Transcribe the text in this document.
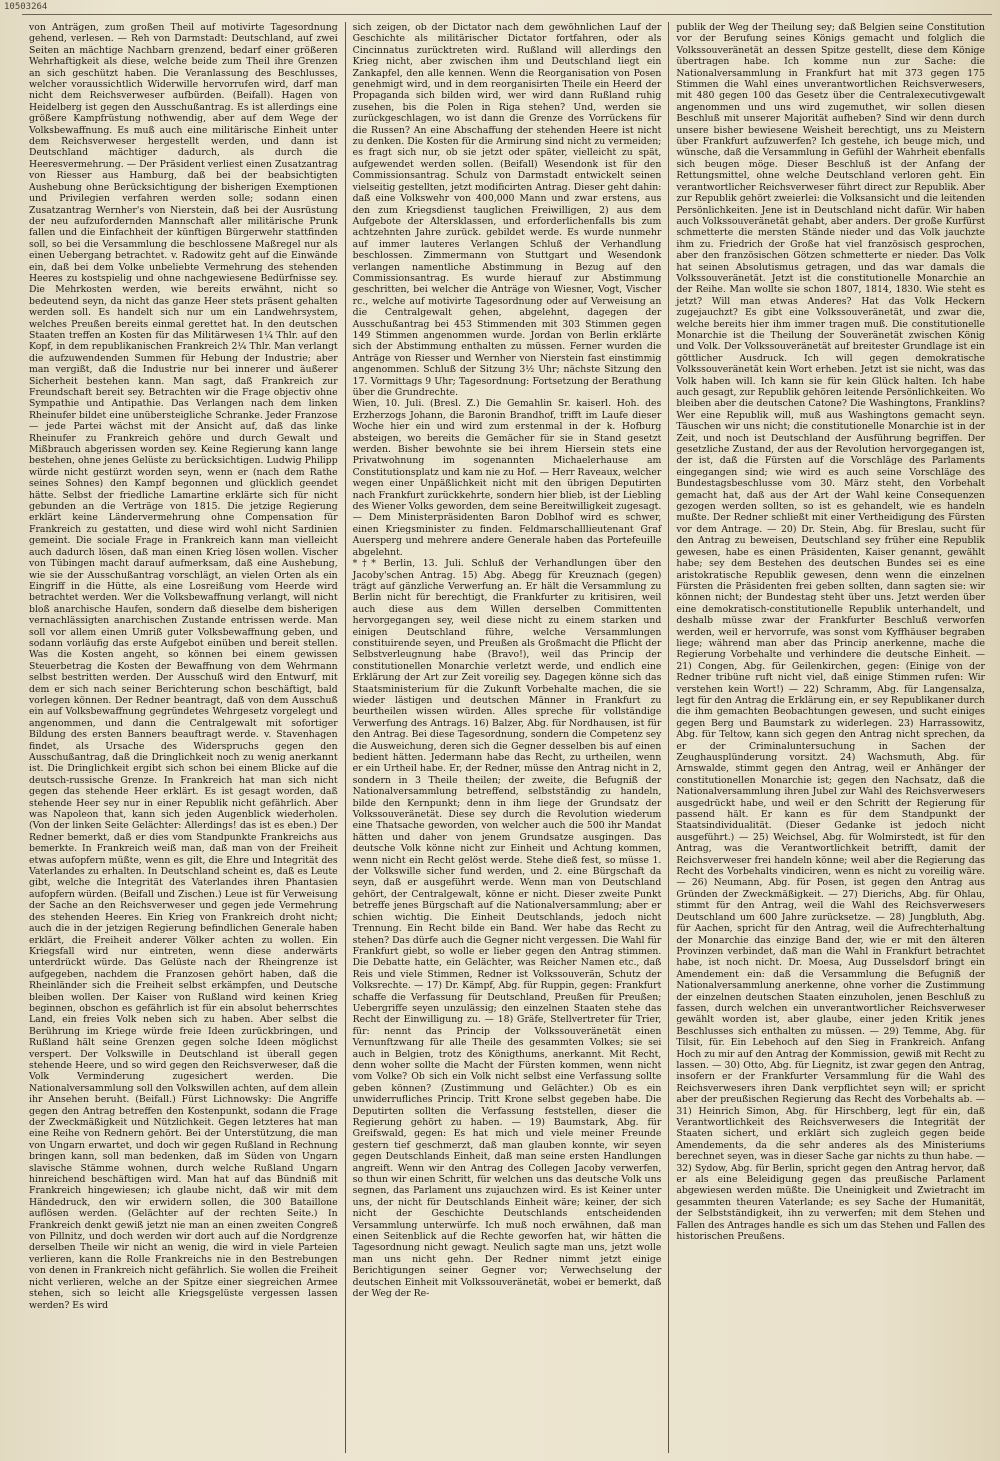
10503264

von Anträgen, zum großen Theil auf motivirte Tagesordnung gehend, verlesen. — Reh von Darmstadt: Deutschland, auf zwei Seiten an mächtige Nachbarn grenzend, bedarf einer größeren Wehrhaftigkeit als diese, welche beide zum Theil ihre Grenzen an sich geschützt haben. Die Veranlassung des Beschlusses, welcher voraussichtlich Widerwille hervorrufen wird, darf man nicht dem Reichsverweser aufbürden. (Beifall). Hagen von Heidelberg ist gegen den Ausschußantrag. Es ist allerdings eine größere Kampfrüstung nothwendig, aber auf dem Wege der Volksbewaffnung. Es muß auch eine militärische Einheit unter dem Reichsverweser hergestellt werden, und dann ist Deutschland mächtiger dadurch, als durch die Heeresvermehrung. — Der Präsident verliest einen Zusatzantrag von Riesser aus Hamburg, daß bei der beabsichtigten Aushebung ohne Berücksichtigung der bisherigen Exemptionen und Privilegien verfahren werden solle; sodann einen Zusatzantrag Wernher's von Nierstein, daß bei der Ausrüstung der neu aufzufordernden Mannschaft aller militärische Prunk fallen und die Einfachheit der künftigen Bürgerwehr stattfinden soll, so bei die Versammlung die beschlossene Maßregel nur als einen Uebergang betrachtet. v. Radowitz geht auf die Einwände ein, daß bei dem Volke unbeliebte Vermehrung des stehenden Heeres zu kostspielig und ohne nachgewiesene Bedürfnisse sey. Die Mehrkosten werden, wie bereits erwähnt, nicht so bedeutend seyn, da nicht das ganze Heer stets präsent gehalten werden soll. Es handelt sich nur um ein Landwehrsystem, welches Preußen bereits einmal gerettet hat. In den deutschen Staaten treffen an Kosten für das Militärwesen 1¼ Thlr. auf den Kopf, in dem republikanischen Frankreich 2¼ Thlr. Man verlangt die aufzuwendenden Summen für Hebung der Industrie; aber man vergißt, daß die Industrie nur bei innerer und äußerer Sicherheit bestehen kann. Man sagt, daß Frankreich zur Freundschaft bereit sey. Betrachten wir die Frage objectiv ohne Sympathie und Antipathie. Das Verlangen nach dem linken Rheinufer bildet eine unübersteigliche Schranke. Jeder Franzose — jede Partei wächst mit der Ansicht auf, daß das linke Rheinufer zu Frankreich gehöre und durch Gewalt und Mißbrauch abgerissen worden sey. Keine Regierung kann lange bestehen, ohne jenes Gelüste zu berücksichtigen. Ludwig Philipp würde nicht gestürzt worden seyn, wenn er (nach dem Rathe seines Sohnes) den Kampf begonnen und glücklich geendet hätte. Selbst der friedliche Lamartine erklärte sich für nicht gebunden an die Verträge von 1815. Die jetzige Regierung erklärt keine Ländervermehrung ohne Compensation für Frankreich zu gestatten, und diese wird wohl nicht Sardinien gemeint. Die sociale Frage in Frankreich kann man vielleicht auch dadurch lösen, daß man einen Krieg lösen wollen. Vischer von Tübingen macht darauf aufmerksam, daß eine Aushebung, wie sie der Ausschußantrag vorschlägt, an vielen Orten als ein Eingriff in die Hütte, als eine Losreißung vom Heerde wird betrachtet werden. Wer die Volksbewaffnung verlangt, will nicht bloß anarchische Haufen, sondern daß dieselbe dem bisherigen vernachlässigten anarchischen Zustande entrissen werde. Man soll vor allem einen Umriß guter Volksbewaffnung geben, und sodann vorläufig das erste Aufgebot einüben und bereit stellen. Was die Kosten angeht, so können bei einem gewissen Steuerbetrag die Kosten der Bewaffnung von dem Wehrmann selbst bestritten werden. Der Ausschuß wird den Entwurf, mit dem er sich nach seiner Berichterung schon beschäftigt, bald vorlegen können. Der Redner beantragt, daß von dem Ausschuß ein auf Volksbewaffnung gegründetes Wehrgesetz vorgelegt und angenommen, und dann die Centralgewalt mit sofortiger Bildung des ersten Banners beauftragt werde. v. Stavenhagen findet, als Ursache des Widerspruchs gegen den Ausschußantrag, daß die Dringlichkeit noch zu wenig anerkannt ist. Die Dringlichkeit ergibt sich schon bei einem Blicke auf die deutsch-russische Grenze. In Frankreich hat man sich nicht gegen das stehende Heer erklärt. Es ist gesagt worden, daß stehende Heer sey nur in einer Republik nicht gefährlich. Aber was Napoleon that, kann sich jeden Augenblick wiederholen. (Von der linken Seite Gelächter: Allerdings! das ist es eben.) Der Redner bemerkt, daß er dies vom Standpunkte Frankreichs aus bemerkte. In Frankreich weiß man, daß man von der Freiheit etwas aufopfern müßte, wenn es gilt, die Ehre und Integrität des Vaterlandes zu erhalten. In Deutschland scheint es, daß es Leute gibt, welche die Integrität des Vaterlandes ihren Phantasien aufopfern würden. (Beifall und Zischen.) Leue ist für Verweisung der Sache an den Reichsverweser und gegen jede Vermehrung des stehenden Heeres. Ein Krieg von Frankreich droht nicht; auch die in der jetzigen Regierung befindlichen Generale haben erklärt, die Freiheit anderer Völker achten zu wollen. Ein Kriegsfall wird nur eintreten, wenn diese anderwärts unterdrückt würde. Das Gelüste nach der Rheingrenze ist aufgegeben, nachdem die Franzosen gehört haben, daß die Rheinländer sich die Freiheit selbst erkämpfen, und Deutsche bleiben wollen. Der Kaiser von Rußland wird keinen Krieg beginnen, obschon es gefährlich ist für ein absolut beherrschtes Land, ein freies Volk neben sich zu haben. Aber selbst die Berührung im Kriege würde freie Ideen zurückbringen, und Rußland hält seine Grenzen gegen solche Ideen möglichst verspert. Der Volkswille in Deutschland ist überall gegen stehende Heere, und so wird gegen den Reichsverweser, daß die Volk Verminderung zugesichert werden. Die Nationalversammlung soll den Volkswillen achten, auf dem allein ihr Ansehen beruht. (Beifall.) Fürst Lichnowsky: Die Angriffe gegen den Antrag betreffen den Kostenpunkt, sodann die Frage der Zweckmäßigkeit und Nützlichkeit. Gegen letzteres hat man eine Reihe von Rednern gehört. Bei der Unterstützung, die man von Ungarn erwartet, und doch wir gegen Rußland in Rechnung bringen kann, soll man bedenken, daß im Süden von Ungarn slavische Stämme wohnen, durch welche Rußland Ungarn hinreichend beschäftigen wird. Man hat auf das Bündniß mit Frankreich hingewiesen; ich glaube nicht, daß wir mit dem Händedruck, den wir erwidern sollen, die 300 Bataillone auflösen werden. (Gelächter auf der rechten Seite.) In Frankreich denkt gewiß jetzt nie man an einen zweiten Congreß von Pillnitz, und doch werden wir dort auch auf die Nordgrenze derselben Theile wir nicht an wenig, die wird in viele Parteien verlieren, kann die Rolle Frankreichs nie in den Bestrebungen von denen in Frankreich nicht gefährlich. Sie wollen die Freiheit nicht verlieren, welche an der Spitze einer siegreichen Armee stehen, sich so leicht alle Kriegsgelüste vergessen lassen werden? Es wird

sich zeigen, ob der Dictator nach dem gewöhnlichen Lauf der Geschichte als militärischer Dictator fortfahren, oder als Cincinnatus zurücktreten wird. Rußland will allerdings den Krieg nicht, aber zwischen ihm und Deutschland liegt ein Zankapfel, den alle kennen. Wenn die Reorganisation von Posen genehmigt wird, und in dem reorganisirten Theile ein Heerd der Propaganda sich bilden wird, wer wird dann Rußland ruhig zusehen, bis die Polen in Riga stehen? Und, werden sie zurückgeschlagen, wo ist dann die Grenze des Vorrückens für die Russen? An eine Abschaffung der stehenden Heere ist nicht zu denken. Die Kosten für die Armirung sind nicht zu vermeiden; es fragt sich nur, ob sie jetzt oder später, vielleicht zu spät, aufgewendet werden sollen. (Beifall) Wesendonk ist für den Commissionsantrag. Schulz von Darmstadt entwickelt seinen vielseitig gestellten, jetzt modificirten Antrag. Dieser geht dahin: daß eine Volkswehr von 400,000 Mann und zwar erstens, aus den zum Kriegsdienst tauglichen Freiwilligen, 2) aus dem Aufgebote der Altersklassen, und erforderlichenfalls bis zum achtzehnten Jahre zurück. gebildet werde. Es wurde nunmehr auf immer lauteres Verlangen Schluß der Verhandlung beschlossen. Zimmermann von Stuttgart und Wesendonk verlangen namentliche Abstimmung in Bezug auf den Commissionsantrag. Es wurde hierauf zur Abstimmung geschritten, bei welcher die Anträge von Wiesner, Vogt, Vischer rc., welche auf motivirte Tagesordnung oder auf Verweisung an die Centralgewalt gehen, abgelehnt, dagegen der Ausschußantrag bei 453 Stimmenden mit 303 Stimmen gegen 149 Stimmen angenommen wurde. Jordan von Berlin erklärte sich der Abstimmung enthalten zu müssen. Ferner wurden die Anträge von Riesser und Wernher von Nierstein fast einstimmig angenommen. Schluß der Sitzung 3½ Uhr; nächste Sitzung den 17. Vormittags 9 Uhr; Tagesordnung: Fortsetzung der Berathung über die Grundrechte.

Wien, 10. Juli. (Bresl. Z.) Die Gemahlin Sr. kaiserl. Hoh. des Erzherzogs Johann, die Baronin Brandhof, trifft im Laufe dieser Woche hier ein und wird zum erstenmal in der k. Hofburg absteigen, wo bereits die Gemächer für sie in Stand gesetzt werden. Bisher bewohnte sie bei ihrem Hiersein stets eine Privatwohnung im sogenannten Michaelerhause am Constitutionsplatz und kam nie zu Hof. — Herr Raveaux, welcher wegen einer Unpäßlichkeit nicht mit den übrigen Deputirten nach Frankfurt zurückkehrte, sondern hier blieb, ist der Liebling des Wiener Volks geworden, dem seine Bereitwilligkeit zugesagt. — Dem Ministerpräsidenten Baron Doblhof wird es schwer, einen Kriegsminister zu finden. Feldmarschalllieutenant Graf Auersperg und mehrere andere Generale haben das Portefeuille abgelehnt.

*†* Berlin, 13. Juli. Schluß der Verhandlungen über den Jacoby'schen Antrag. 15) Abg. Abegg für Kreuznach (gegen) trägt auf gänzliche Verwerfung an. Er hält die Versammlung zu Berlin nicht für berechtigt, die Frankfurter zu kritisiren, weil auch diese aus dem Willen derselben Committenten hervorgegangen sey, weil diese nicht zu einem starken und einigen Deutschland führe, welche Versammlungen constituirende seyen, und Preußen als Großmacht die Pflicht der Selbstverleugnung habe (Bravo!), weil das Princip der constitutionellen Monarchie verletzt werde, und endlich eine Erklärung der Art zur Zeit voreilig sey. Dagegen könne sich das Staatsministerium für die Zukunft Vorbehalte machen, die sie wieder lästigen und deutschen Männer in Frankfurt zu beurtheilen wissen würden. Alles spreche für vollständige Verwerfung des Antrags. 16) Balzer, Abg. für Nordhausen, ist für den Antrag. Bei diese Tagesordnung, sondern die Competenz sey die Ausweichung, deren sich die Gegner desselben bis auf einen bedient hätten. Jedermann habe das Recht, zu urtheilen, wenn er ein Urtheil habe. Er, der Redner, müsse den Antrag nicht in 2, sondern in 3 Theile theilen; der zweite, die Befugniß der Nationalversammlung betreffend, selbstständig zu handeln, bilde den Kernpunkt; denn in ihm liege der Grundsatz der Volkssouveränetät. Diese sey durch die Revolution wiederum eine Thatsache geworden, von welcher auch die 500 ihr Mandat hätten und daher von jenem Grundsatze ausgingen. Das deutsche Volk könne nicht zur Einheit und Achtung kommen, wenn nicht ein Recht gelöst werde. Stehe dieß fest, so müsse 1. der Volkswille sicher fund werden, und 2. eine Bürgschaft da seyn, daß er ausgeführt werde. Wenn man von Deutschland gehört, der Centralgewalt, könne er nicht. Dieser zweite Punkt betreffe jenes Bürgschaft auf die Nationalversammlung; aber er schien wichtig. Die Einheit Deutschlands, jedoch nicht Trennung. Ein Recht bilde ein Band. Wer habe das Recht zu stehen? Das dürfe auch die Gegner nicht vergessen. Die Wahl für Frankfurt giebt, so wolle er lieber gegen den Antrag stimmen. Die Debatte hatte, ein Gelächter, was Reicher Namen etc., daß Reis und viele Stimmen, Redner ist Volkssouverän, Schutz der Volksrechte. — 17) Dr. Kämpf, Abg. für Ruppin, gegen: Frankfurt schaffe die Verfassung für Deutschland, Preußen für Preußen; Uebergriffe seyen unzulässig; den einzelnen Staaten stehe das Recht der Einwilligung zu. — 18) Gräfe, Stellvertreter für Trier, für: nennt das Princip der Volkssouveränetät einen Vernunftzwang für alle Theile des gesammten Volkes; sie sei auch in Belgien, trotz des Königthums, anerkannt. Mit Recht, denn woher sollte die Macht der Fürsten kommen, wenn nicht vom Volke? Ob sich ein Volk nicht selbst eine Verfassung sollte geben können? (Zustimmung und Gelächter.) Ob es ein unwiderrufliches Princip. Tritt Krone selbst gegeben habe. Die Deputirten sollten die Verfassung feststellen, dieser die Regierung gehört zu haben. — 19) Baumstark, Abg. für Greifswald, gegen: Es hat mich und viele meiner Freunde gestern tief geschmerzt, daß man glauben konnte, wir seyen gegen Deutschlands Einheit, daß man seine ersten Handlungen angreift. Wenn wir den Antrag des Collegen Jacoby verwerfen, so thun wir einen Schritt, für welchen uns das deutsche Volk uns segnen, das Parlament uns zujauchzen wird. Es ist Keiner unter uns, der nicht für Deutschlands Einheit wäre; keiner, der sich nicht der Geschichte Deutschlands entscheidenden Versammlung unterwürfe. Ich muß noch erwähnen, daß man einen Seitenblick auf die Rechte geworfen hat, wir hätten die Tagesordnung nicht gewagt. Neulich sagte man uns, jetzt wolle man uns nicht gehn. Der Redner nimmt jetzt einige Berichtigungen seiner Gegner vor; Verwechselung der deutschen Einheit mit Volkssouveränetät, wobei er bemerkt, daß der Weg der Re-

publik der Weg der Theilung sey; daß Belgien seine Constitution vor der Berufung seines Königs gemacht und folglich die Volkssouveränetät an dessen Spitze gestellt, diese dem Könige übertragen habe. Ich komme nun zur Sache: die Nationalversammlung in Frankfurt hat mit 373 gegen 175 Stimmen die Wahl eines unverantwortlichen Reichsverwesers, mit 480 gegen 100 das Gesetz über die Centralexecutivgewalt angenommen und uns wird zugemuthet, wir sollen diesen Beschluß mit unserer Majorität aufheben? Sind wir denn durch unsere bisher bewiesene Weisheit berechtigt, uns zu Meistern über Frankfurt aufzuwerfen? Ich gestehe, ich beuge mich, und wünsche, daß die Versammlung in Gefühl der Wahrheit ebenfalls sich beugen möge. Dieser Beschluß ist der Anfang der Rettungsmittel, ohne welche Deutschland verloren geht. Ein verantwortlicher Reichsverweser führt direct zur Republik. Aber zur Republik gehört zweierlei: die Volksansicht und die leitenden Persönlichkeiten. Jene ist in Deutschland nicht dafür. Wir haben auch Volkssouveränetät gehabt, aber anders. Der große Kurfürst schmetterte die mersten Stände nieder und das Volk jauchzte ihm zu. Friedrich der Große hat viel französisch gesprochen, aber den französischen Götzen schmetterte er nieder. Das Volk hat seinen Absolutismus getragen, und das war damals die Volkssouveränetät. Jetzt ist die constitutionelle Monarchie an der Reihe. Man wollte sie schon 1807, 1814, 1830. Wie steht es jetzt? Will man etwas Anderes? Hat das Volk Heckern zugejauchzt? Es gibt eine Volkssouveränetät, und zwar die, welche bereits hier ihm immer tragen muß. Die constitutionelle Monarchie ist die Theilung der Souveränetät zwischen König und Volk. Der Volkssouveränetät auf breitester Grundlage ist ein göttlicher Ausdruck. Ich will gegen demokratische Volkssouveränetät kein Wort erheben. Jetzt ist sie nicht, was das Volk haben will. Ich kann sie für kein Glück halten. Ich habe auch gesagt, zur Republik gehören leitende Persönlichkeiten. Wo bleiben aber die deutschen Catone? Die Washingtons, Franklins? Wer eine Republik will, muß aus Washingtons gemacht seyn. Täuschen wir uns nicht; die constitutionelle Monarchie ist in der Zeit, und noch ist Deutschland der Ausführung begriffen. Der gesetzliche Zustand, der aus der Revolution hervorgegangen ist, der ist, daß die Fürsten auf die Vorschläge des Parlaments eingegangen sind; wie wird es auch seine Vorschläge des Bundestagsbeschlusse vom 30. März steht, den Vorbehalt gemacht hat, daß aus der Art der Wahl keine Consequenzen gezogen werden sollten, so ist es gehandelt, wie es handeln mußte. Der Redner schließt mit einer Vertheidigung des Fürsten vor dem Antrage. — 20) Dr. Stein, Abg. für Breslau, sucht für den Antrag zu beweisen, Deutschland sey früher eine Republik gewesen, habe es einen Präsidenten, Kaiser genannt, gewählt habe; sey dem Bestehen des deutschen Bundes sei es eine aristokratische Republik gewesen, denn wenn die einzelnen Fürsten die Präsidenten frei geben sollten, dann sagten sie: wir können nicht; der Bundestag steht über uns. Jetzt werden über eine demokratisch-constitutionelle Republik unterhandelt, und deshalb müsse zwar der Frankfurter Beschluß verworfen werden, weil er hervorrufe, was sonst vom Kyffhäuser begraben liege; während man aber das Princip anerkenne, mache die Regierung Vorbehalte und verhindere die deutsche Einheit. — 21) Congen, Abg. für Geilenkirchen, gegen: (Einige von der Redner tribüne ruft nicht viel, daß einige Stimmen rufen: Wir verstehen kein Wort!) — 22) Schramm, Abg. für Langensalza, legt für den Antrag die Erklärung ein, er sey Republikaner durch die ihm gemachten Beobachtungen gewesen, und sucht einiges gegen Berg und Baumstark zu widerlegen. 23) Harrassowitz, Abg. für Teltow, kann sich gegen den Antrag nicht sprechen, da er der Criminaluntersuchung in Sachen der Zeughausplünderung vorsitzt. 24) Wachsmuth, Abg. für Arnswalde, stimmt gegen den Antrag, weil er Anhänger der constitutionellen Monarchie ist; gegen den Nachsatz, daß die Nationalversammlung ihren Jubel zur Wahl des Reichsverwesers ausgedrückt habe, und weil er den Schritt der Regierung für passend hält. Er kann es für dem Standpunkt der Staatsindividualität. (Dieser Gedanke ist jedoch nicht ausgeführt.) — 25) Weichsel, Abg. für Wolmirstedt, ist für den Antrag, was die Verantwortlichkeit betrifft, damit der Reichsverweser frei handeln könne; weil aber die Regierung das Recht des Vorbehalts vindiciren, wenn es nicht zu voreilig wäre. — 26) Neumann, Abg. für Posen, ist gegen den Antrag aus Gründen der Zweckmäßigkeit. — 27) Dierichs, Abg. für Ohlau, stimmt für den Antrag, weil die Wahl des Reichsverwesers Deutschland um 600 Jahre zurücksetze. — 28) Jungbluth, Abg. für Aachen, spricht für den Antrag, weil die Aufrechterhaltung der Monarchie das einzige Band der, wie er mit den älteren Provinzen verbindet, daß man die Wahl in Frankfurt betrachtet habe, ist noch nicht. Dr. Moesa, Aug Dusselsdorf bringt ein Amendement ein: daß die Versammlung die Befugniß der Nationalversammlung anerkenne, ohne vorher die Zustimmung der einzelnen deutschen Staaten einzuholen, jenen Beschluß zu fassen, durch welchen ein unverantwortlicher Reichsverweser gewählt worden ist, aber glaube, einer jeden Kritik jenes Beschlusses sich enthalten zu müssen. — 29) Temme, Abg. für Tilsit, für. Ein Lebehoch auf den Sieg in Frankreich. Anfang Hoch zu mir auf den Antrag der Kommission, gewiß mit Recht zu lassen. — 30) Otto, Abg. für Liegnitz, ist zwar gegen den Antrag, insofern er der Frankfurter Versammlung für die Wahl des Reichsverwesers ihren Dank verpflichtet seyn will; er spricht aber der preußischen Regierung das Recht des Vorbehalts ab. — 31) Heinrich Simon, Abg. für Hirschberg, legt für ein, daß Verantwortlichkeit des Reichsverwesers die Integrität der Staaten sichert, und erklärt sich zugleich gegen beide Amendements, da die sehr anderes als des Ministeriums berechnet seyen, was in dieser Sache gar nichts zu thun habe. — 32) Sydow, Abg. für Berlin, spricht gegen den Antrag hervor, daß er als eine Beleidigung gegen das preußische Parlament abgewiesen werden müßte. Die Uneinigkeit und Zwietracht im gesammten theuren Vaterlande; es sey Sache der Humanität, der Selbstständigkeit, ihn zu verwerfen; mit dem Stehen und Fallen des Antrages handle es sich um das Stehen und Fallen des historischen Preußens.
